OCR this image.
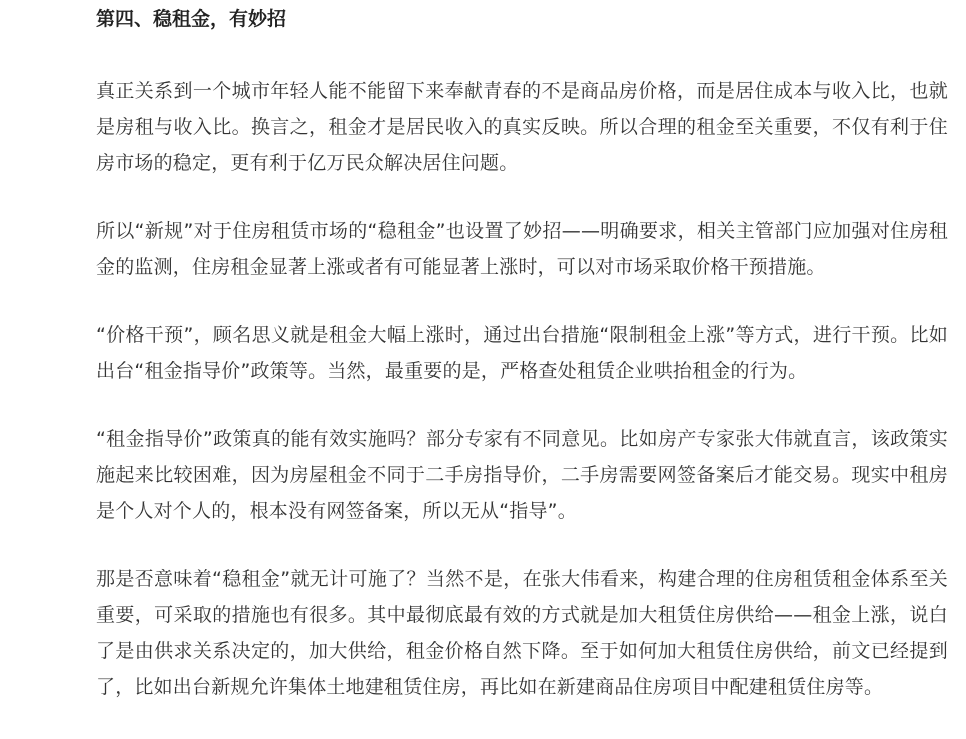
第四、稳租金，有妙招

真正关系到一个城市年轻人能不能留下来奉献青春的不是商品房价格，而是居住成本与收入比，也就是房租与收入比。换言之，租金才是居民收入的真实反映。所以合理的租金至关重要，不仅有利于住房市场的稳定，更有利于亿万民众解决居住问题。

所以“新规”对于住房租赁市场的“稳租金”也设置了妙招——明确要求，相关主管部门应加强对住房租金的监测，住房租金显著上涨或者有可能显著上涨时，可以对市场采取价格干预措施。

“价格干预”，顾名思义就是租金大幅上涨时，通过出台措施“限制租金上涨”等方式，进行干预。比如出台“租金指导价”政策等。当然，最重要的是，严格查处租赁企业哄抬租金的行为。

“租金指导价”政策真的能有效实施吗？部分专家有不同意见。比如房产专家张大伟就直言，该政策实施起来比较困难，因为房屋租金不同于二手房指导价，二手房需要网签备案后才能交易。现实中租房是个人对个人的，根本没有网签备案，所以无从“指导”。

那是否意味着“稳租金”就无计可施了？当然不是，在张大伟看来，构建合理的住房租赁租金体系至关重要，可采取的措施也有很多。其中最彻底最有效的方式就是加大租赁住房供给——租金上涨，说白了是由供求关系决定的，加大供给，租金价格自然下降。至于如何加大租赁住房供给，前文已经提到了，比如出台新规允许集体土地建租赁住房，再比如在新建商品住房项目中配建租赁住房等。
